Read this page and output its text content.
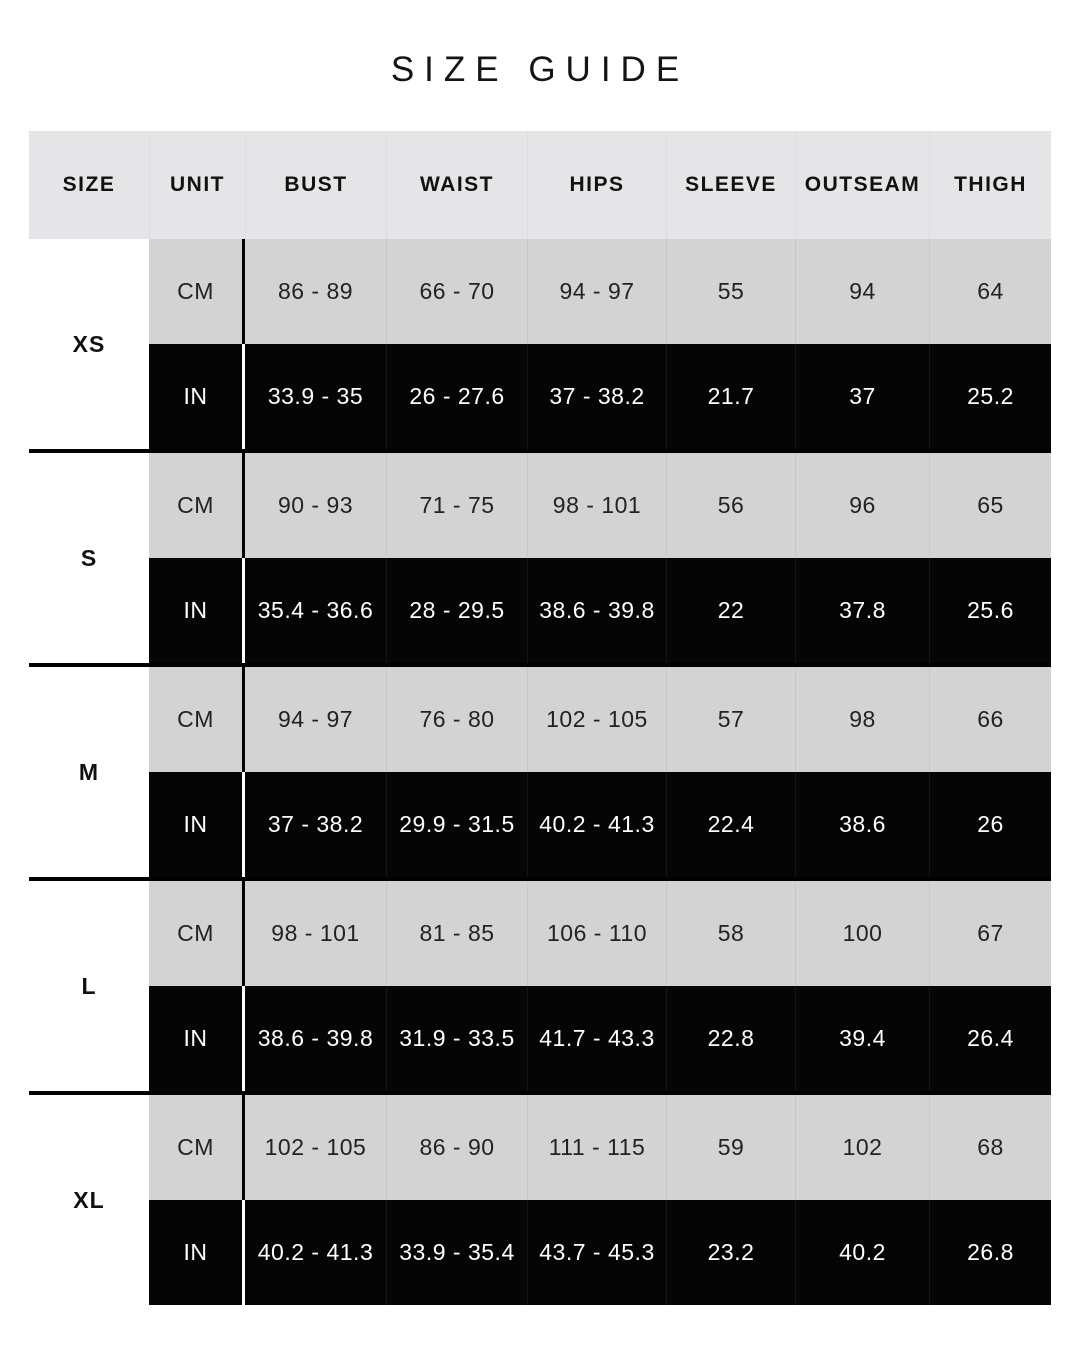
SIZE GUIDE
SIZE	UNIT	BUST	WAIST	HIPS	SLEEVE	OUTSEAM	THIGH
XS
CM	86 - 89	66 - 70	94 - 97	55	94	64
IN	33.9 - 35	26 - 27.6	37 - 38.2	21.7	37	25.2
S
CM	90 - 93	71 - 75	98 - 101	56	96	65
IN	35.4 - 36.6	28 - 29.5	38.6 - 39.8	22	37.8	25.6
M
CM	94 - 97	76 - 80	102 - 105	57	98	66
IN	37 - 38.2	29.9 - 31.5	40.2 - 41.3	22.4	38.6	26
L
CM	98 - 101	81 - 85	106 - 110	58	100	67
IN	38.6 - 39.8	31.9 - 33.5	41.7 - 43.3	22.8	39.4	26.4
XL
CM	102 - 105	86 - 90	111 - 115	59	102	68
IN	40.2 - 41.3	33.9 - 35.4	43.7 - 45.3	23.2	40.2	26.8
